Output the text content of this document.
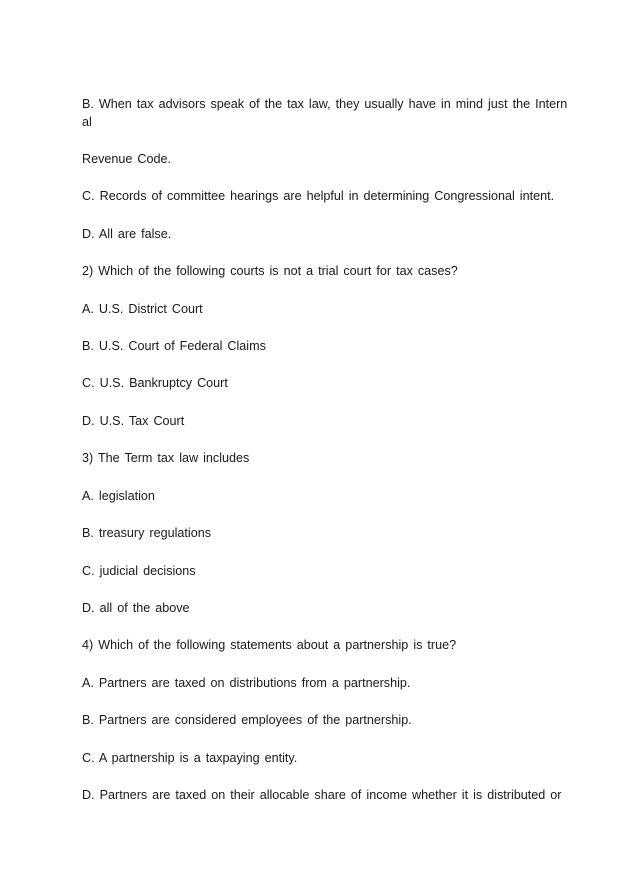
B. When tax advisors speak of the tax law, they usually have in mind just the Intern

al

Revenue Code.

C. Records of committee hearings are helpful in determining Congressional intent.

D. All are false.

2) Which of the following courts is not a trial court for tax cases?

A. U.S. District Court

B. U.S. Court of Federal Claims

C. U.S. Bankruptcy Court

D. U.S. Tax Court

3) The Term tax law includes

A. legislation

B. treasury regulations

C. judicial decisions

D. all of the above

4) Which of the following statements about a partnership is true?

A. Partners are taxed on distributions from a partnership.

B. Partners are considered employees of the partnership.

C. A partnership is a taxpaying entity.

D. Partners are taxed on their allocable share of income whether it is distributed or
